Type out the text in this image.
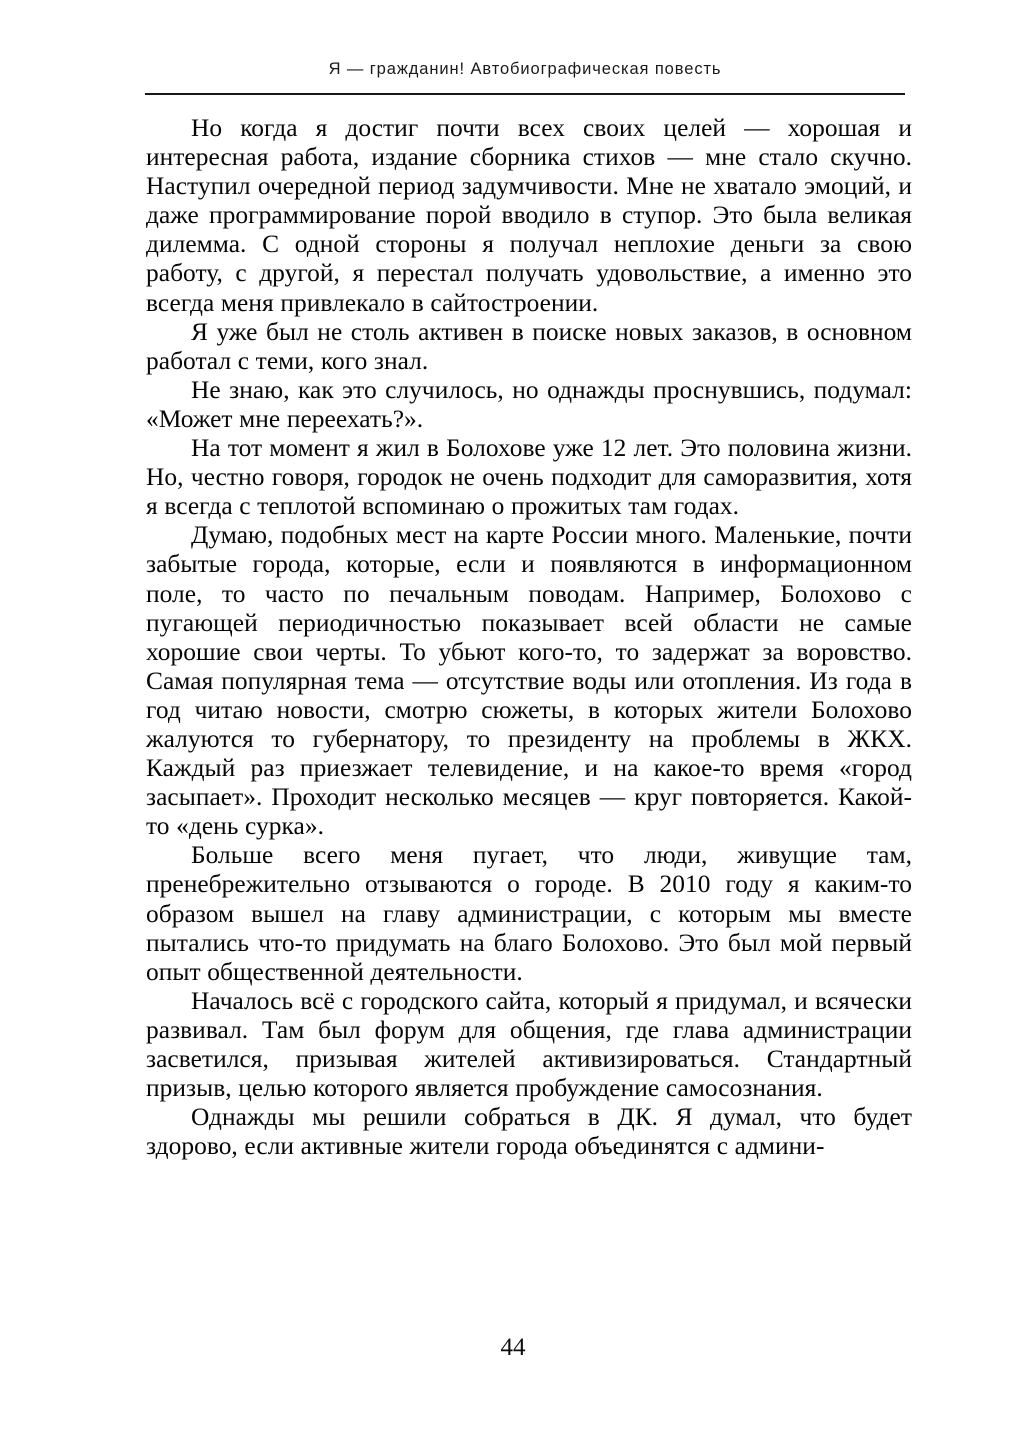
Я — гражданин! Автобиографическая повесть

Но когда я достиг почти всех своих целей — хорошая и интересная работа, издание сборника стихов — мне стало скучно. Наступил очередной период задумчивости. Мне не хватало эмоций, и даже программирование порой вводило в ступор. Это была великая дилемма. С одной стороны я получал неплохие деньги за свою работу, с другой, я перестал получать удовольствие, а именно это всегда меня привлекало в сайтостроении.

Я уже был не столь активен в поиске новых заказов, в основном работал с теми, кого знал.

Не знаю, как это случилось, но однажды проснувшись, подумал: «Может мне переехать?».

На тот момент я жил в Болохове уже 12 лет. Это половина жизни. Но, честно говоря, городок не очень подходит для саморазвития, хотя я всегда с теплотой вспоминаю о прожитых там годах.

Думаю, подобных мест на карте России много. Маленькие, почти забытые города, которые, если и появляются в информационном поле, то часто по печальным поводам. Например, Болохово с пугающей периодичностью показывает всей области не самые хорошие свои черты. То убьют кого-то, то задержат за воровство. Самая популярная тема — отсутствие воды или отопления. Из года в год читаю новости, смотрю сюжеты, в которых жители Болохово жалуются то губернатору, то президенту на проблемы в ЖКХ. Каждый раз приезжает телевидение, и на какое-то время «город засыпает». Проходит несколько месяцев — круг повторяется. Какой-то «день сурка».

Больше всего меня пугает, что люди, живущие там, пренебрежительно отзываются о городе. В 2010 году я каким-то образом вышел на главу администрации, с которым мы вместе пытались что-то придумать на благо Болохово. Это был мой первый опыт общественной деятельности.

Началось всё с городского сайта, который я придумал, и всячески развивал. Там был форум для общения, где глава администрации засветился, призывая жителей активизироваться. Стандартный призыв, целью которого является пробуждение самосознания.

Однажды мы решили собраться в ДК. Я думал, что будет здорово, если активные жители города объединятся с админи-

44
